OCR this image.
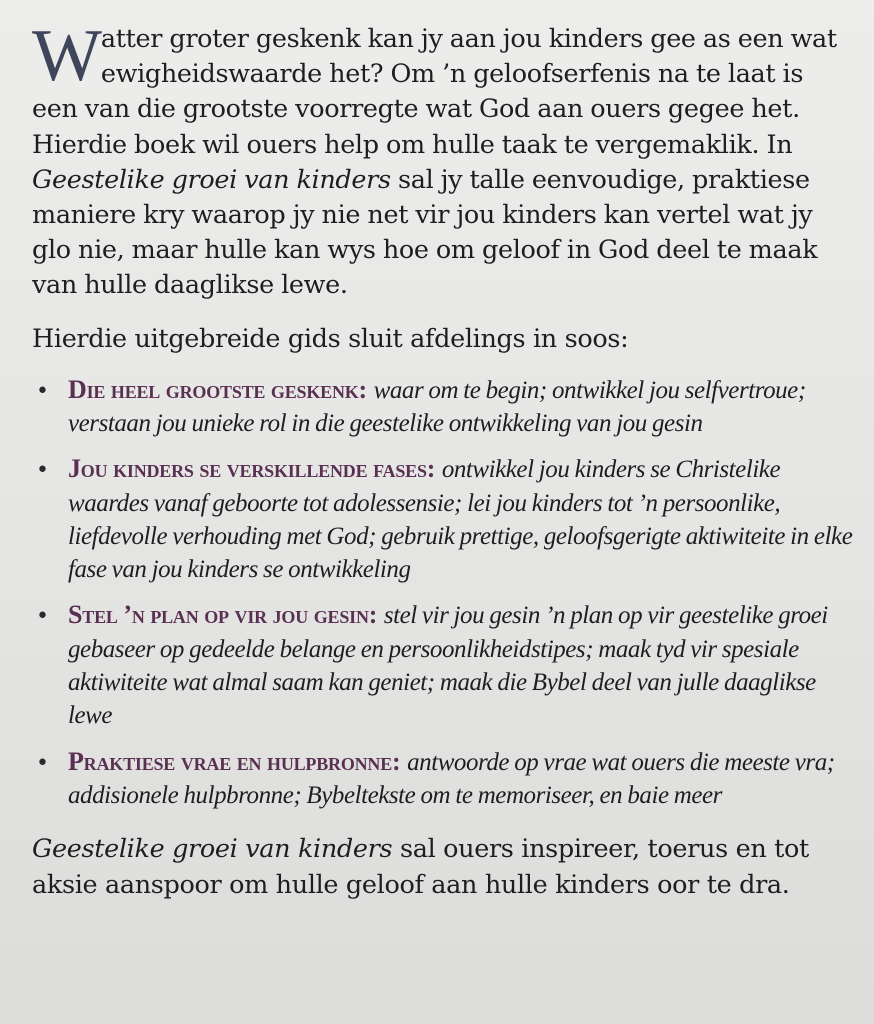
Watter groter geskenk kan jy aan jou kinders gee as een wat ewigheidswaarde het? Om ’n geloofserfenis na te laat is een van die grootste voorregte wat God aan ouers gegee het. Hierdie boek wil ouers help om hulle taak te vergemaklik. In Geestelike groei van kinders sal jy talle eenvoudige, praktiese maniere kry waarop jy nie net vir jou kinders kan vertel wat jy glo nie, maar hulle kan wys hoe om geloof in God deel te maak van hulle daaglikse lewe.

Hierdie uitgebreide gids sluit afdelings in soos:

• Die heel grootste geskenk: waar om te begin; ontwikkel jou selfvertroue; verstaan jou unieke rol in die geestelike ontwikkeling van jou gesin
• Jou kinders se verskillende fases: ontwikkel jou kinders se Christelike waardes vanaf geboorte tot adolessensie; lei jou kinders tot ’n persoonlike, liefdevolle verhouding met God; gebruik prettige, geloofsgerigte aktiwiteite in elke fase van jou kinders se ontwikkeling
• Stel ’n plan op vir jou gesin: stel vir jou gesin ’n plan op vir geestelike groei gebaseer op gedeelde belange en persoonlikheidstipes; maak tyd vir spesiale aktiwiteite wat almal saam kan geniet; maak die Bybel deel van julle daaglikse lewe
• Praktiese vrae en hulpbronne: antwoorde op vrae wat ouers die meeste vra; addisionele hulpbronne; Bybeltekste om te memoriseer, en baie meer

Geestelike groei van kinders sal ouers inspireer, toerus en tot aksie aanspoor om hulle geloof aan hulle kinders oor te dra.
